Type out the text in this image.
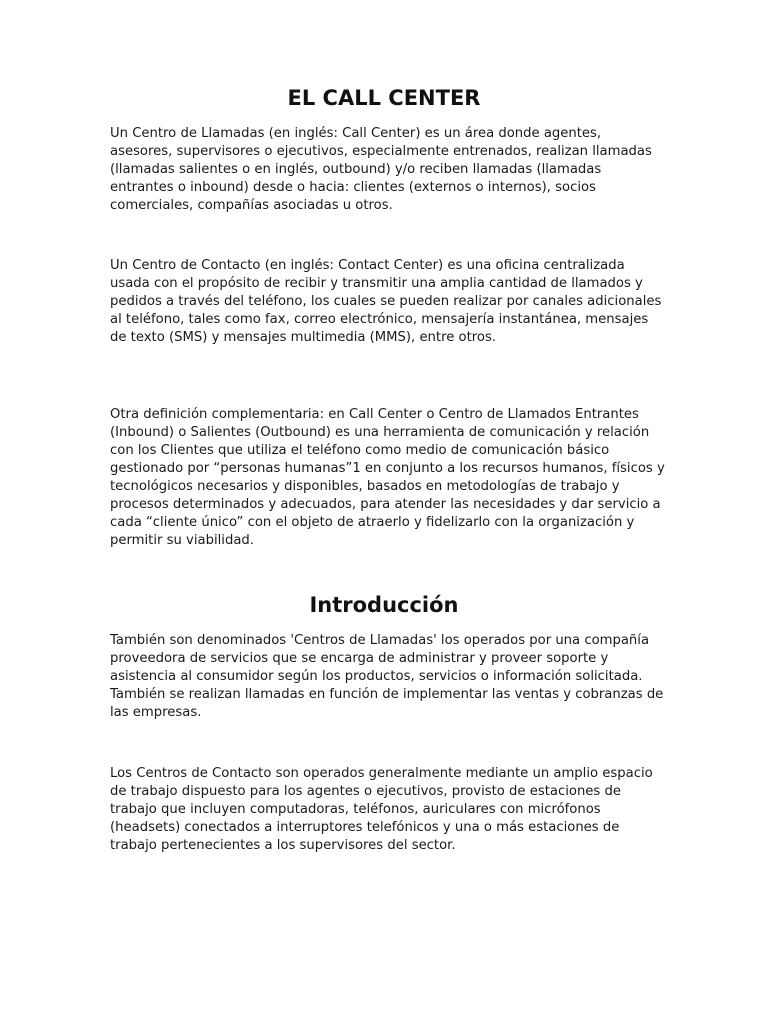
EL CALL CENTER

Un Centro de Llamadas (en inglés: Call Center) es un área donde agentes, asesores, supervisores o ejecutivos, especialmente entrenados, realizan llamadas (llamadas salientes o en inglés, outbound) y/o reciben llamadas (llamadas entrantes o inbound) desde o hacia: clientes (externos o internos), socios comerciales, compañías asociadas u otros.

Un Centro de Contacto (en inglés: Contact Center) es una oficina centralizada usada con el propósito de recibir y transmitir una amplia cantidad de llamados y pedidos a través del teléfono, los cuales se pueden realizar por canales adicionales al teléfono, tales como fax, correo electrónico, mensajería instantánea, mensajes de texto (SMS) y mensajes multimedia (MMS), entre otros.

Otra definición complementaria: en Call Center o Centro de Llamados Entrantes (Inbound) o Salientes (Outbound) es una herramienta de comunicación y relación con los Clientes que utiliza el teléfono como medio de comunicación básico gestionado por “personas humanas”1 en conjunto a los recursos humanos, físicos y tecnológicos necesarios y disponibles, basados en metodologías de trabajo y procesos determinados y adecuados, para atender las necesidades y dar servicio a cada “cliente único” con el objeto de atraerlo y fidelizarlo con la organización y permitir su viabilidad.

Introducción

También son denominados 'Centros de Llamadas' los operados por una compañía proveedora de servicios que se encarga de administrar y proveer soporte y asistencia al consumidor según los productos, servicios o información solicitada. También se realizan llamadas en función de implementar las ventas y cobranzas de las empresas.

Los Centros de Contacto son operados generalmente mediante un amplio espacio de trabajo dispuesto para los agentes o ejecutivos, provisto de estaciones de trabajo que incluyen computadoras, teléfonos, auriculares con micrófonos (headsets) conectados a interruptores telefónicos y una o más estaciones de trabajo pertenecientes a los supervisores del sector.
